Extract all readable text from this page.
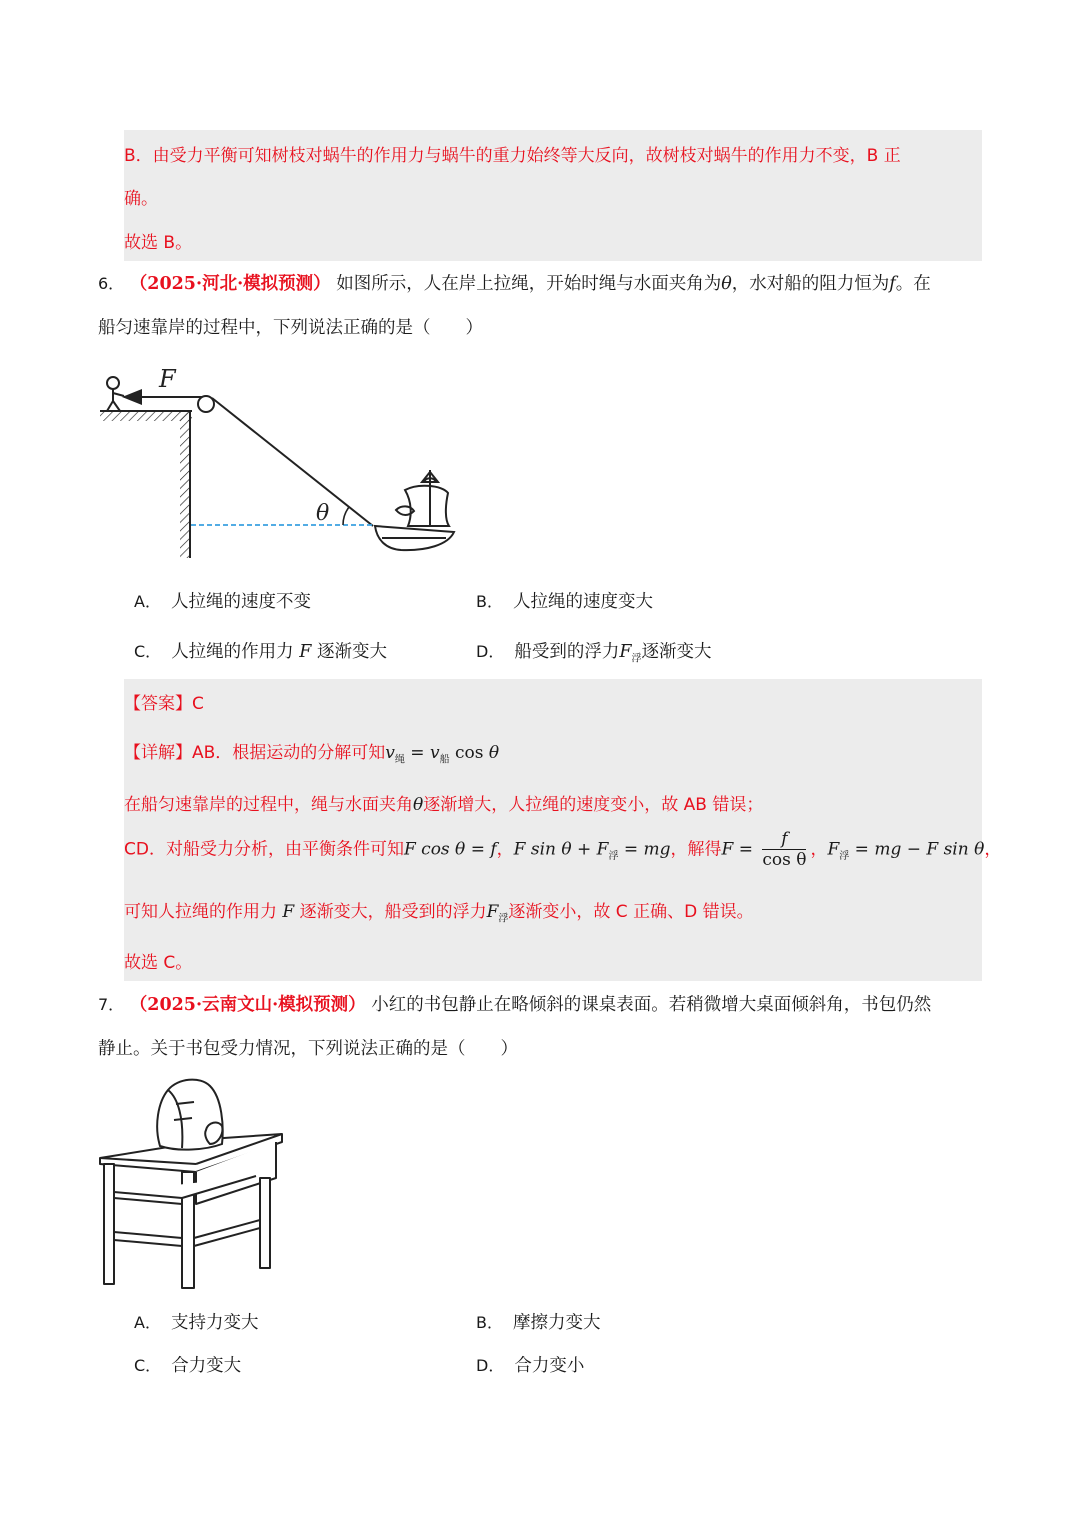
B．由受力平衡可知树枝对蜗牛的作用力与蜗牛的重力始终等大反向，故树枝对蜗牛的作用力不变，B 正
确。
故选 B。
6． （2025·河北·模拟预测） 如图所示，人在岸上拉绳，开始时绳与水面夹角为θ，水对船的阻力恒为f。在
船匀速靠岸的过程中，下列说法正确的是（　　）
F
θ
A． 人拉绳的速度不变	B． 人拉绳的速度变大
C． 人拉绳的作用力 F 逐渐变大	D． 船受到的浮力$F_浮$逐渐变大
【答案】C
【详解】AB．根据运动的分解可知$v_绳 = v_船$ cos θ
在船匀速靠岸的过程中，绳与水面夹角θ逐渐增大，人拉绳的速度变小，故 AB 错误；
CD．对船受力分析，由平衡条件可知F cos θ = f，F $\sin \theta + F_浮$ = mg，解得$F = \frac{f}{\text{cos θ}}$ ，$F_浮$ = mg − F sin θ，
可知人拉绳的作用力 F 逐渐变大，船受到的浮力$F_浮$逐渐变小，故 C 正确、D 错误。
故选 C。
7． （2025·云南文山·模拟预测） 小红的书包静止在略倾斜的课桌表面。若稍微增大桌面倾斜角，书包仍然
静止。关于书包受力情况，下列说法正确的是（　　）
A． 支持力变大	B． 摩擦力变大
C． 合力变大	D． 合力变小
